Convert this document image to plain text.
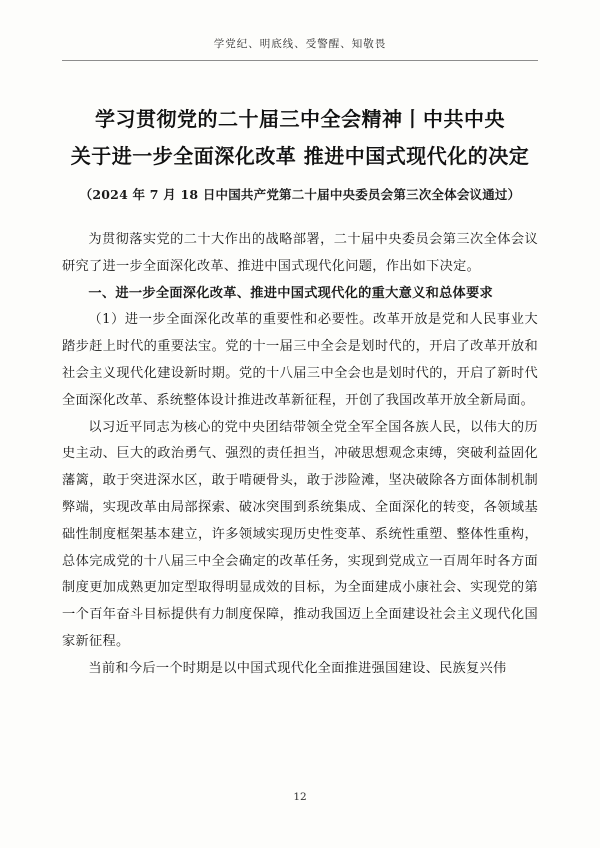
学党纪、明底线、受警醒、知敬畏
学习贯彻党的二十届三中全会精神丨中共中央
关于进一步全面深化改革 推进中国式现代化的决定
（2024 年 7 月 18 日中国共产党第二十届中央委员会第三次全体会议通过）

为贯彻落实党的二十大作出的战略部署，二十届中央委员会第三次全体会议研究了进一步全面深化改革、推进中国式现代化问题，作出如下决定。

一、进一步全面深化改革、推进中国式现代化的重大意义和总体要求

（1）进一步全面深化改革的重要性和必要性。改革开放是党和人民事业大踏步赶上时代的重要法宝。党的十一届三中全会是划时代的，开启了改革开放和社会主义现代化建设新时期。党的十八届三中全会也是划时代的，开启了新时代全面深化改革、系统整体设计推进改革新征程，开创了我国改革开放全新局面。

以习近平同志为核心的党中央团结带领全党全军全国各族人民，以伟大的历史主动、巨大的政治勇气、强烈的责任担当，冲破思想观念束缚，突破利益固化藩篱，敢于突进深水区，敢于啃硬骨头，敢于涉险滩，坚决破除各方面体制机制弊端，实现改革由局部探索、破冰突围到系统集成、全面深化的转变，各领域基础性制度框架基本建立，许多领域实现历史性变革、系统性重塑、整体性重构，总体完成党的十八届三中全会确定的改革任务，实现到党成立一百周年时各方面制度更加成熟更加定型取得明显成效的目标，为全面建成小康社会、实现党的第一个百年奋斗目标提供有力制度保障，推动我国迈上全面建设社会主义现代化国家新征程。

当前和今后一个时期是以中国式现代化全面推进强国建设、民族复兴伟

12
